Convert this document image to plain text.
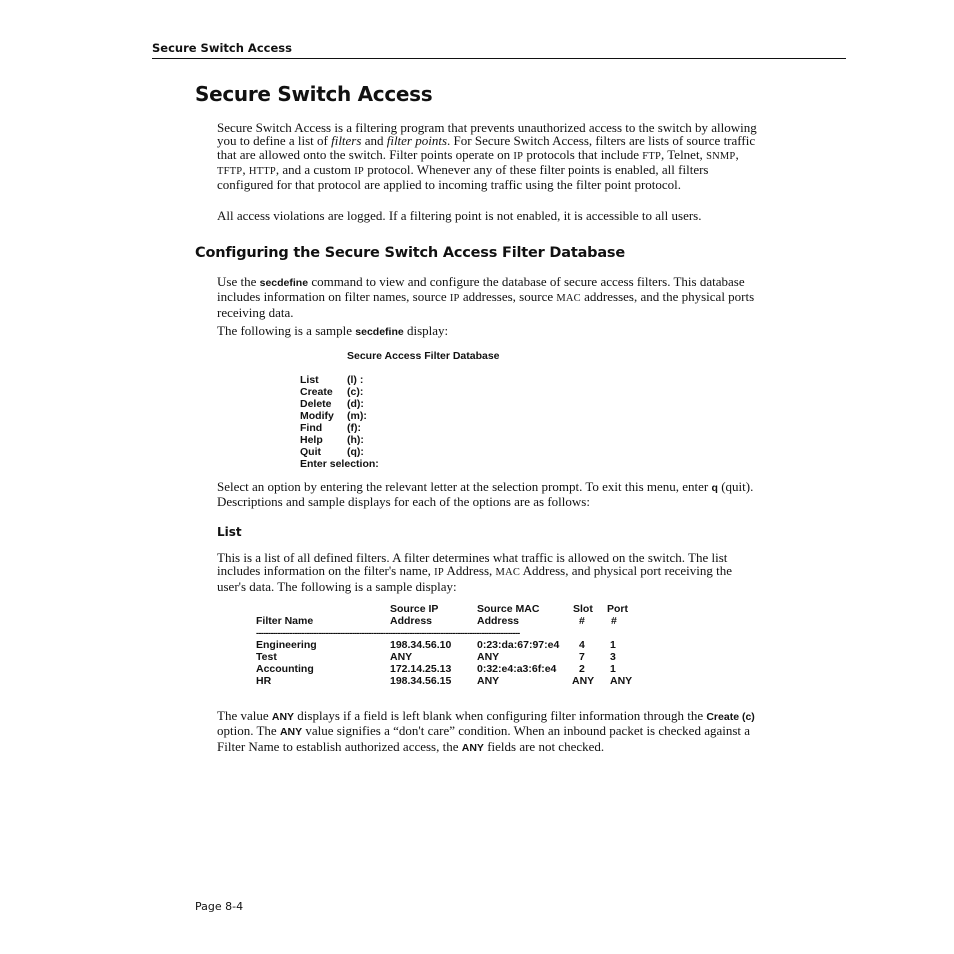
Secure Switch Access
Secure Switch Access

Secure Switch Access is a filtering program that prevents unauthorized access to the switch by allowing you to define a list of filters and filter points. For Secure Switch Access, filters are lists of source traffic that are allowed onto the switch. Filter points operate on IP protocols that include FTP, Telnet, SNMP, TFTP, HTTP, and a custom IP protocol. Whenever any of these filter points is enabled, all filters configured for that protocol are applied to incoming traffic using the filter point protocol.

All access violations are logged. If a filtering point is not enabled, it is accessible to all users.
Configuring the Secure Switch Access Filter Database

Use the secdefine command to view and configure the database of secure access filters. This database includes information on filter names, source IP addresses, source MAC addresses, and the physical ports receiving data.

The following is a sample secdefine display:

Secure Access Filter Database
List	(l) :
Create (c):
Delete (d):
Modify (m):
Find (f):
Help (h):
Quit (q):
Enter selection:

Select an option by entering the relevant letter at the selection prompt. To exit this menu, enter q (quit). Descriptions and sample displays for each of the options are as follows:

List

This is a list of all defined filters. A filter determines what traffic is allowed on the switch. The list includes information on the filter's name, IP Address, MAC Address, and physical port receiving the user's data. The following is a sample display:

Source IP	Source MAC	Slot Port
Filter Name	Address	Address	# #
--------------------------------------------------------------------------------------------------------------
Engineering	198.34.56.10 0:23:da:67:97:e4 4 1
Test	ANY	ANY	7 3
Accounting	172.14.25.13 0:32:e4:a3:6f:e4 2 1
HR	198.34.56.15 ANY	ANY ANY

The value ANY displays if a field is left blank when configuring filter information through the Create (c) option. The ANY value signifies a “don't care” condition. When an inbound packet is checked against a Filter Name to establish authorized access, the ANY fields are not checked.

Page 8-4
